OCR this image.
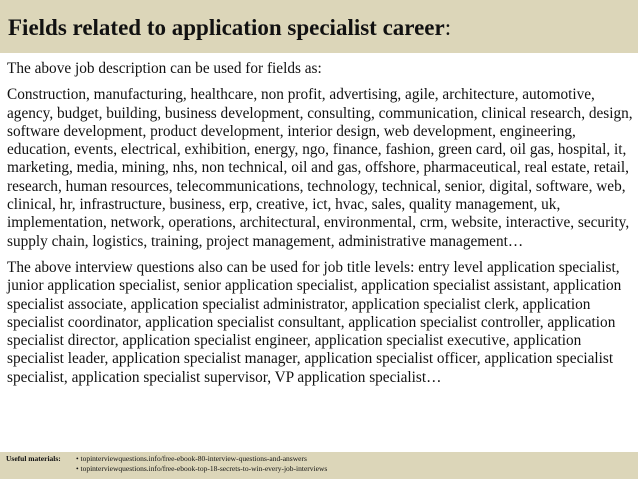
Fields related to application specialist career:

The above job description can be used for fields as:

Construction, manufacturing, healthcare, non profit, advertising, agile, architecture, automotive, agency, budget, building, business development, consulting, communication, clinical research, design, software development, product development, interior design, web development, engineering, education, events, electrical, exhibition, energy, ngo, finance, fashion, green card, oil gas, hospital, it, marketing, media, mining, nhs, non technical, oil and gas, offshore, pharmaceutical, real estate, retail, research, human resources, telecommunications, technology, technical, senior, digital, software, web, clinical, hr, infrastructure, business, erp, creative, ict, hvac, sales, quality management, uk, implementation, network, operations, architectural, environmental, crm, website, interactive, security, supply chain, logistics, training, project management, administrative management…

The above interview questions also can be used for job title levels: entry level application specialist, junior application specialist, senior application specialist, application specialist assistant, application specialist associate, application specialist administrator, application specialist clerk, application specialist coordinator, application specialist consultant, application specialist controller, application specialist director, application specialist engineer, application specialist executive, application specialist leader, application specialist manager, application specialist officer, application specialist specialist, application specialist supervisor, VP application specialist…

Useful materials:	• topinterviewquestions.info/free-ebook-80-interview-questions-and-answers
• topinterviewquestions.info/free-ebook-top-18-secrets-to-win-every-job-interviews
